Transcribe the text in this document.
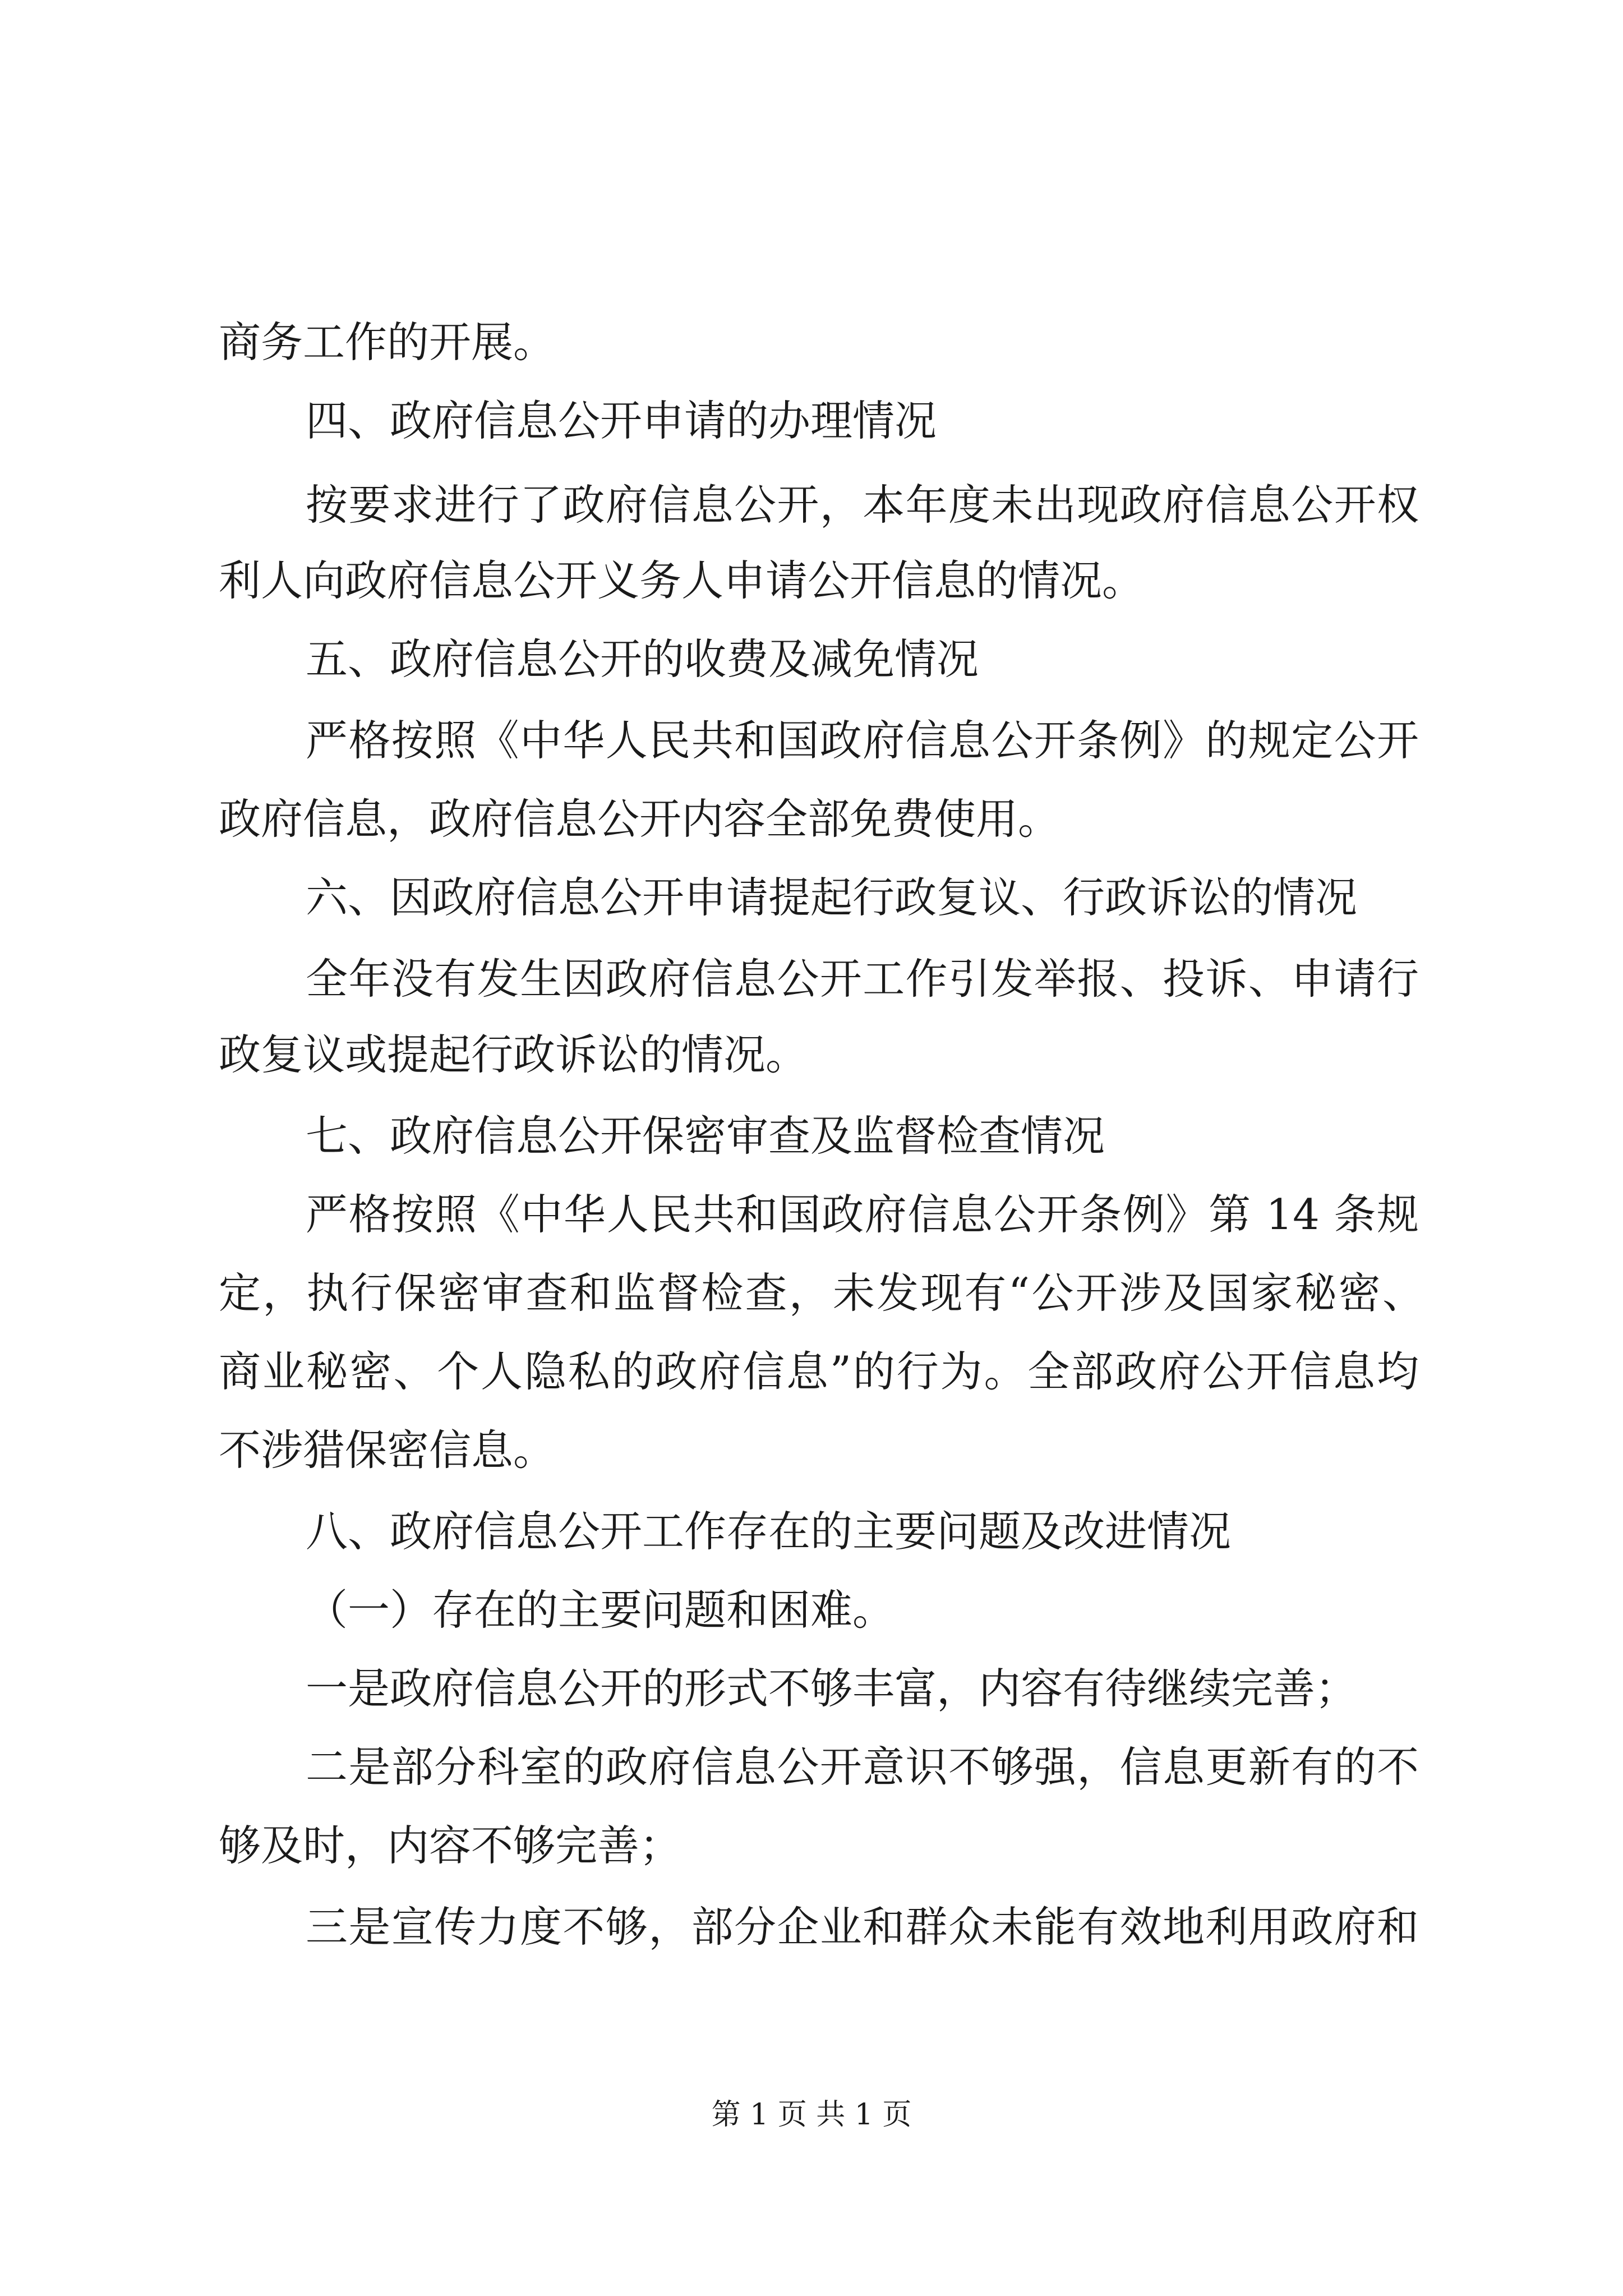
商务工作的开展。
四、政府信息公开申请的办理情况
按要求进行了政府信息公开，本年度未出现政府信息公开权
利人向政府信息公开义务人申请公开信息的情况。
五、政府信息公开的收费及减免情况
严格按照《中华人民共和国政府信息公开条例》的规定公开
政府信息，政府信息公开内容全部免费使用。
六、因政府信息公开申请提起行政复议、行政诉讼的情况
全年没有发生因政府信息公开工作引发举报、投诉、申请行
政复议或提起行政诉讼的情况。
七、政府信息公开保密审查及监督检查情况
严格按照《中华人民共和国政府信息公开条例》第 14 条规
定，执行保密审查和监督检查，未发现有“公开涉及国家秘密、
商业秘密、个人隐私的政府信息”的行为。全部政府公开信息均
不涉猎保密信息。
八、政府信息公开工作存在的主要问题及改进情况
（一）存在的主要问题和困难。
一是政府信息公开的形式不够丰富，内容有待继续完善；
二是部分科室的政府信息公开意识不够强，信息更新有的不
够及时，内容不够完善；
三是宣传力度不够，部分企业和群众未能有效地利用政府和
第 1 页 共 1 页
